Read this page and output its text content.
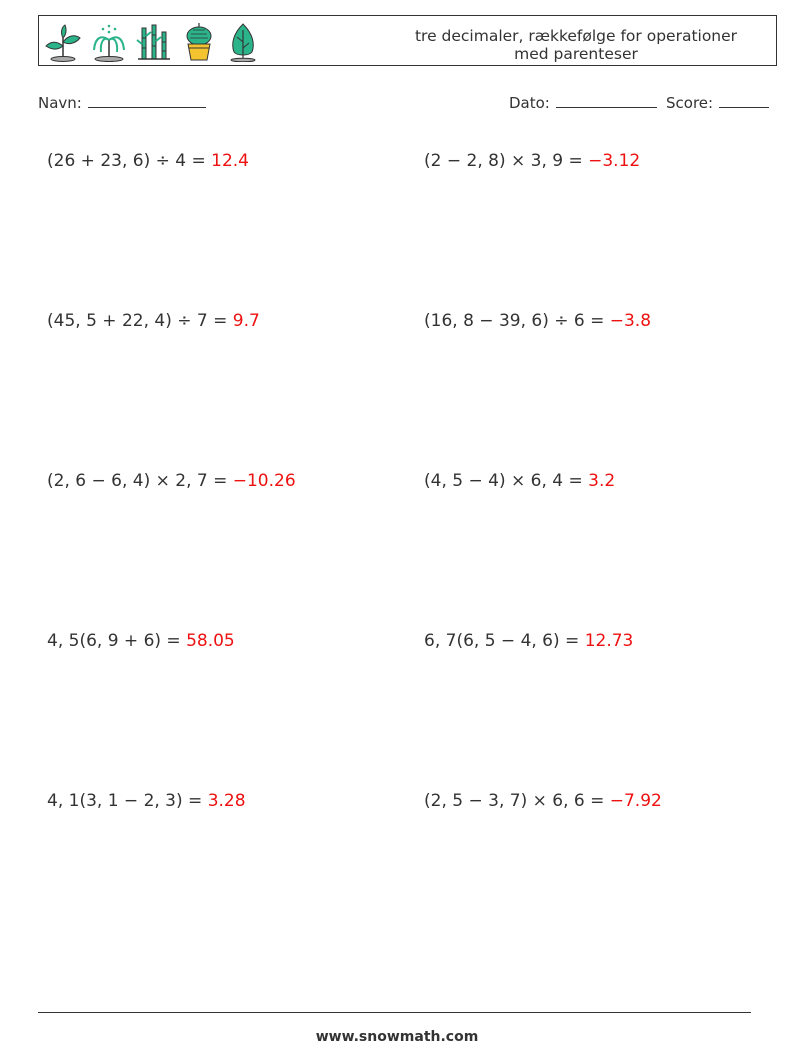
tre decimaler, rækkefølge for operationer med parenteser
Navn:	Dato:	Score:
(26 + 23, 6) ÷ 4 = 12.4	(2 − 2, 8) × 3, 9 = −3.12
(45, 5 + 22, 4) ÷ 7 = 9.7	(16, 8 − 39, 6) ÷ 6 = −3.8
(2, 6 − 6, 4) × 2, 7 = −10.26	(4, 5 − 4) × 6, 4 = 3.2
4, 5(6, 9 + 6) = 58.05	6, 7(6, 5 − 4, 6) = 12.73
4, 1(3, 1 − 2, 3) = 3.28	(2, 5 − 3, 7) × 6, 6 = −7.92
www.snowmath.com
